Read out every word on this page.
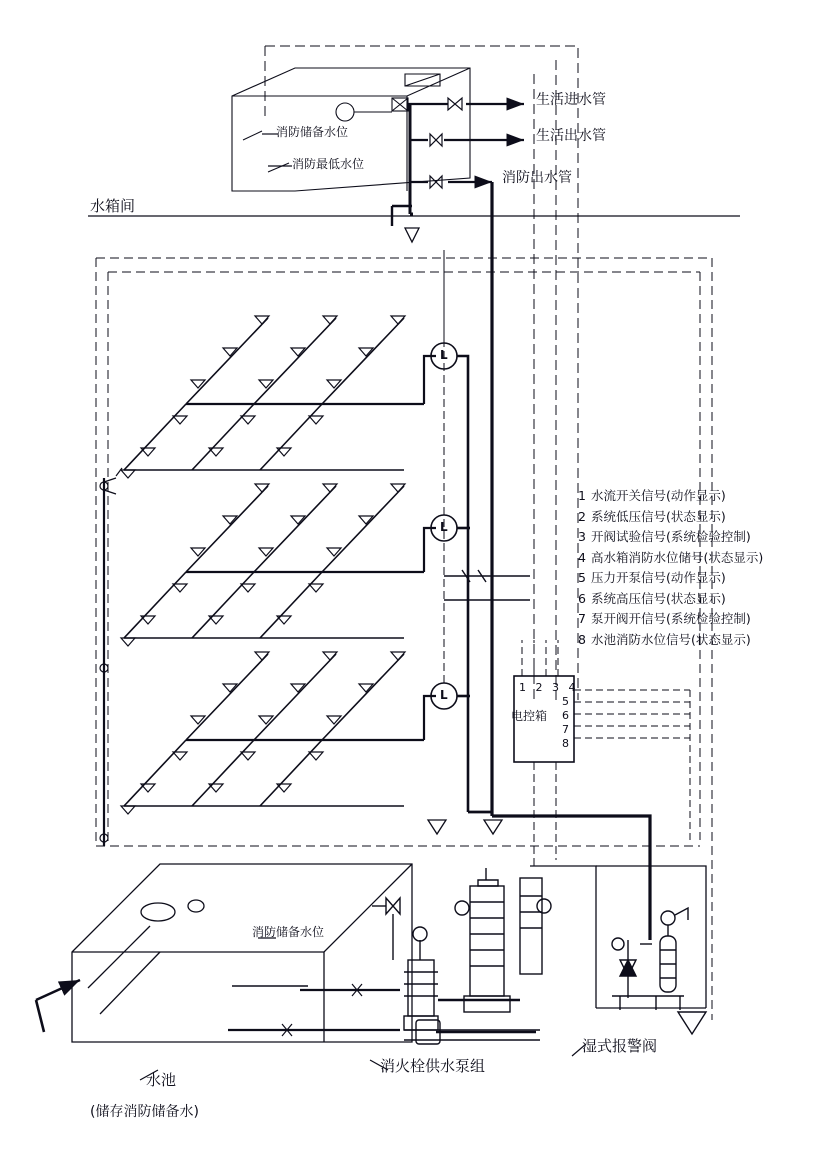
生活进水管
生活出水管
消防出水管
消防储备水位
消防最低水位
水箱间
1 水流开关信号(动作显示)
2 系统低压信号(状态显示)
3 开阀试验信号(系统检验控制)
4 高水箱消防水位储号(状态显示)
5 压力开泵信号(动作显示)
6 系统高压信号(状态显示)
7 泵开阀开信号(系统检验控制)
8 水池消防水位信号(状态显示)
1 2 3 4
5
6
7
8
电控箱
消防储备水位
水池
(储存消防储备水)
消火栓供水泵组
湿式报警阀
L
L
L
